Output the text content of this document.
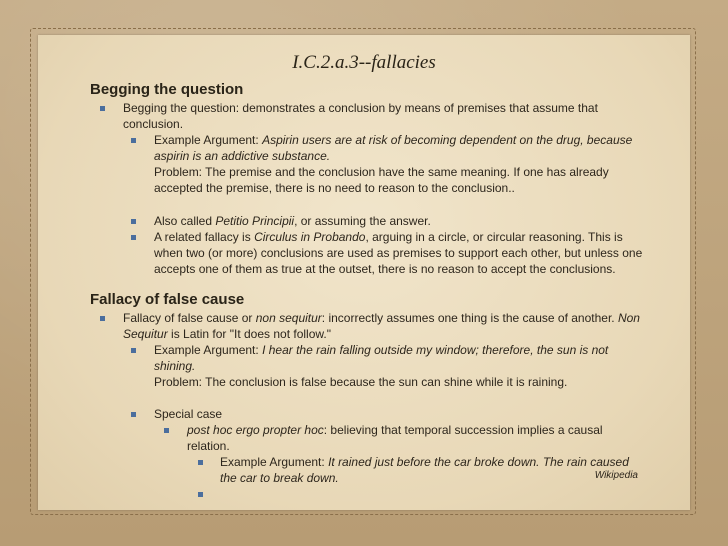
I.C.2.a.3--fallacies
Begging the question
Begging the question: demonstrates a conclusion by means of premises that assume that
conclusion.
Example Argument: Aspirin users are at risk of becoming dependent on the drug, because
aspirin is an addictive substance.
Problem: The premise and the conclusion have the same meaning. If one has already
accepted the premise, there is no need to reason to the conclusion..
Also called Petitio Principii, or assuming the answer.
A related fallacy is Circulus in Probando, arguing in a circle, or circular reasoning. This is
when two (or more) conclusions are used as premises to support each other, but unless one
accepts one of them as true at the outset, there is no reason to accept the conclusions.
Fallacy of false cause
Fallacy of false cause or non sequitur: incorrectly assumes one thing is the cause of another. Non
Sequitur is Latin for "It does not follow."
Example Argument: I hear the rain falling outside my window; therefore, the sun is not
shining.
Problem: The conclusion is false because the sun can shine while it is raining.
Special case
post hoc ergo propter hoc: believing that temporal succession implies a causal
relation.
Example Argument: It rained just before the car broke down. The rain caused
the car to break down.
	Wikipedia
